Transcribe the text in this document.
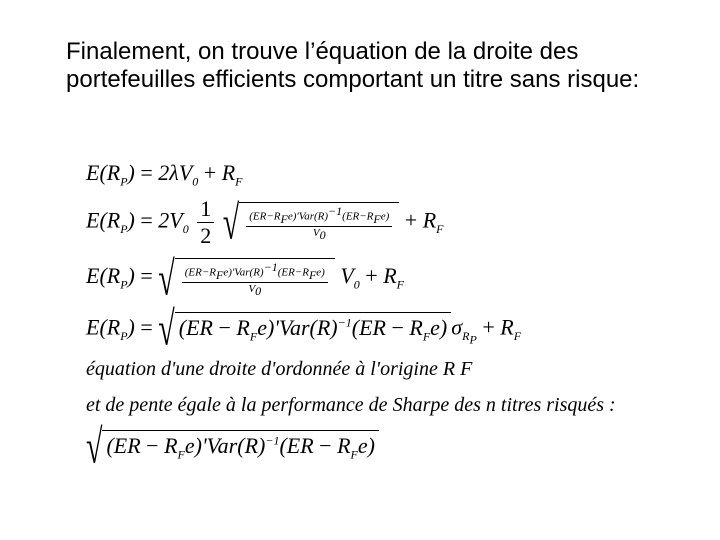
Finalement, on trouve l’équation de la droite des portefeuilles efficients comportant un titre sans risque:
$E(R_P) = 2\lambda V_0 + R_F$
$E(R_P) = 2V_0 \frac{1}{2}$ √ $\frac{(ER-R_Fe)'Var(R)^{-1}(ER-R_Fe)}{V_0} + R_F$
$E(R_P)$ = √ $\frac{(ER-R_Fe)'Var(R)^{-1}(ER-R_Fe)}{V_0} V_0 + R_F$
$E(R_P)$ = √ $(ER - R_Fe)'Var(R)^{-1}(ER - R_Fe)$ $\sigma_{R_P} + R_F$
équation d'une droite d'ordonnée à l'origine R F
et de pente égale à la performance de Sharpe des n titres risqués :
√ $(ER - R_Fe)'Var(R)^{-1}(ER - R_Fe)$
